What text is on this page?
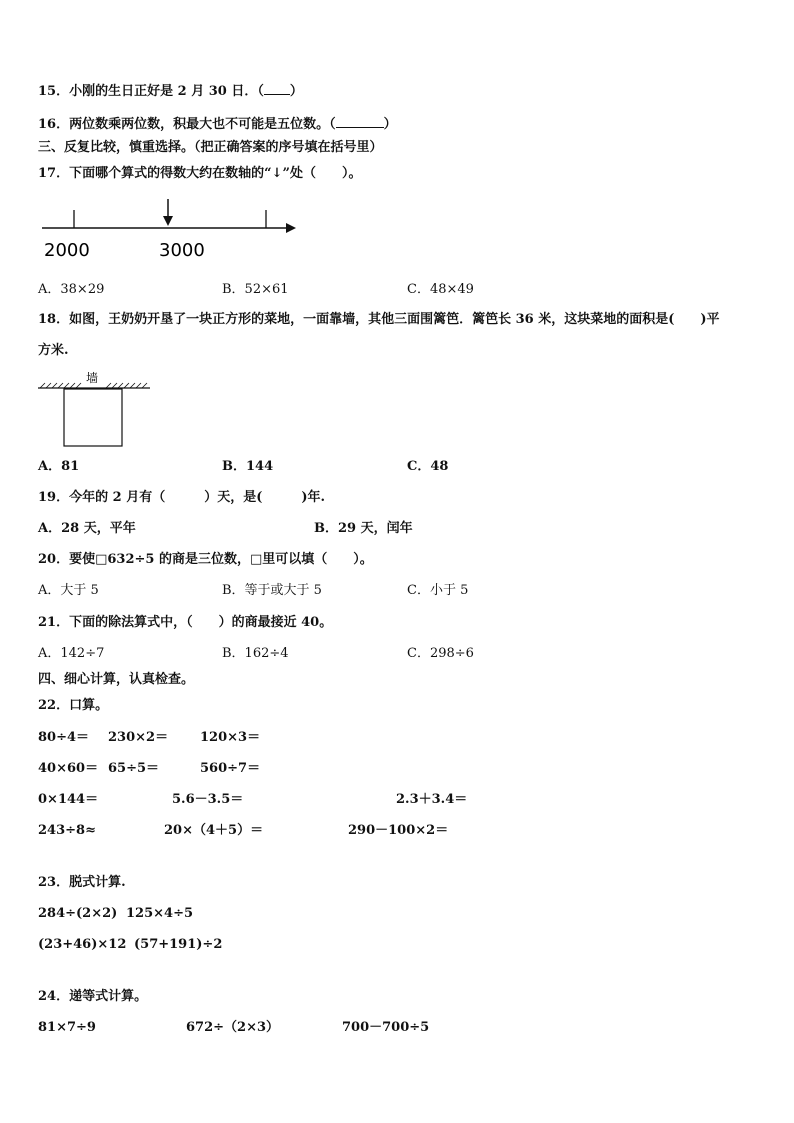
15．小刚的生日正好是 2 月 30 日．（ ）
16．两位数乘两位数，积最大也不可能是五位数。（	）
三、反复比较，慎重选择。（把正确答案的序号填在括号里）
17．下面哪个算式的得数大约在数轴的“↓”处（　　）。
2000	3000
A．38×29	B．52×61	C．48×49
18．如图，王奶奶开垦了一块正方形的菜地，一面靠墙，其他三面围篱笆．篱笆长 36 米，这块菜地的面积是(　　)平
方米.
墙
A．81	B．144	C．48
19．今年的 2 月有（　　　）天，是(　　　)年.
A．28 天，平年	B．29 天，闰年
20．要使□632÷5 的商是三位数，□里可以填（　　）。
A．大于 5	B．等于或大于 5	C．小于 5
21．下面的除法算式中，（　　）的商最接近 40。
A．142÷7	B．162÷4	C．298÷6
四、细心计算，认真检查。
22．口算。
80÷4＝ 230×2＝ 120×3＝
40×60＝ 65÷5＝	560÷7＝
0×144＝	5.6－3.5＝	2.3＋3.4＝
243÷8≈	20×（4＋5）＝	290－100×2＝
23．脱式计算.
284÷(2×2) 125×4÷5
(23+46)×12 (57+191)÷2
24．递等式计算。
81×7÷9	672÷（2×3）	700－700÷5
